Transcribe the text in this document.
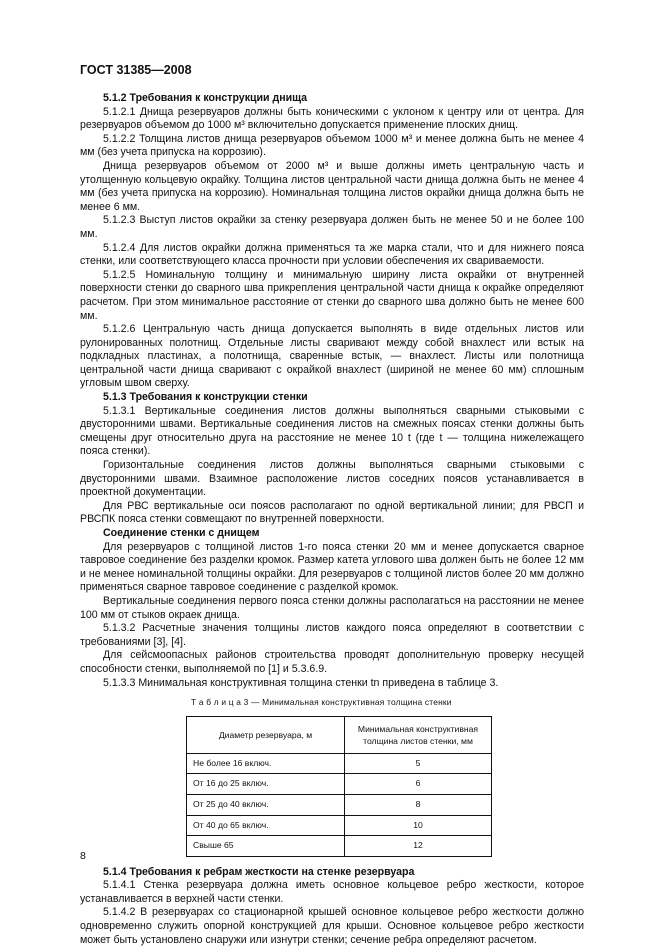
ГОСТ 31385—2008
5.1.2 Требования к конструкции днища
5.1.2.1 Днища резервуаров должны быть коническими с уклоном к центру или от центра. Для резервуаров объемом до 1000 м³ включительно допускается применение плоских днищ.
5.1.2.2 Толщина листов днища резервуаров объемом 1000 м³ и менее должна быть не менее 4 мм (без учета припуска на коррозию).
Днища резервуаров объемом от 2000 м³ и выше должны иметь центральную часть и утолщенную кольцевую окрайку. Толщина листов центральной части днища должна быть не менее 4 мм (без учета припуска на коррозию). Номинальная толщина листов окрайки днища должна быть не менее 6 мм.
5.1.2.3 Выступ листов окрайки за стенку резервуара должен быть не менее 50 и не более 100 мм.
5.1.2.4 Для листов окрайки должна применяться та же марка стали, что и для нижнего пояса стенки, или соответствующего класса прочности при условии обеспечения их свариваемости.
5.1.2.5 Номинальную толщину и минимальную ширину листа окрайки от внутренней поверхности стенки до сварного шва прикрепления центральной части днища к окрайке определяют расчетом. При этом минимальное расстояние от стенки до сварного шва должно быть не менее 600 мм.
5.1.2.6 Центральную часть днища допускается выполнять в виде отдельных листов или рулонированных полотнищ. Отдельные листы сваривают между собой внахлест или встык на подкладных пластинах, а полотнища, сваренные встык, — внахлест. Листы или полотнища центральной части днища сваривают с окрайкой внахлест (шириной не менее 60 мм) сплошным угловым швом сверху.
5.1.3 Требования к конструкции стенки
5.1.3.1 Вертикальные соединения листов должны выполняться сварными стыковыми с двусторонними швами. Вертикальные соединения листов на смежных поясах стенки должны быть смещены друг относительно друга на расстояние не менее 10 t (где t — толщина нижележащего пояса стенки).
Горизонтальные соединения листов должны выполняться сварными стыковыми с двусторонними швами. Взаимное расположение листов соседних поясов устанавливается в проектной документации.
Для РВС вертикальные оси поясов располагают по одной вертикальной линии; для РВСП и РВСПК пояса стенки совмещают по внутренней поверхности.
Соединение стенки с днищем
Для резервуаров с толщиной листов 1-го пояса стенки 20 мм и менее допускается сварное тавровое соединение без разделки кромок. Размер катета углового шва должен быть не более 12 мм и не менее номинальной толщины окрайки. Для резервуаров с толщиной листов более 20 мм должно применяться сварное тавровое соединение с разделкой кромок.
Вертикальные соединения первого пояса стенки должны располагаться на расстоянии не менее 100 мм от стыков окраек днища.
5.1.3.2 Расчетные значения толщины листов каждого пояса определяют в соответствии с требованиями [3], [4].
Для сейсмоопасных районов строительства проводят дополнительную проверку несущей способности стенки, выполняемой по [1] и 5.3.6.9.
5.1.3.3 Минимальная конструктивная толщина стенки tn приведена в таблице 3.
Т а б л и ц а 3 — Минимальная конструктивная толщина стенки
Диаметр резервуара, м	Минимальная конструктивная толщина листов стенки, мм
Не более 16 включ.	5
От 16 до 25 включ.	6
От 25 до 40 включ.	8
От 40 до 65 включ.	10
Свыше 65	12
5.1.4 Требования к ребрам жесткости на стенке резервуара
5.1.4.1 Стенка резервуара должна иметь основное кольцевое ребро жесткости, которое устанавливается в верхней части стенки.
5.1.4.2 В резервуарах со стационарной крышей основное кольцевое ребро жесткости должно одновременно служить опорной конструкцией для крыши. Основное кольцевое ребро жесткости может быть установлено снаружи или изнутри стенки; сечение ребра определяют расчетом.
8
